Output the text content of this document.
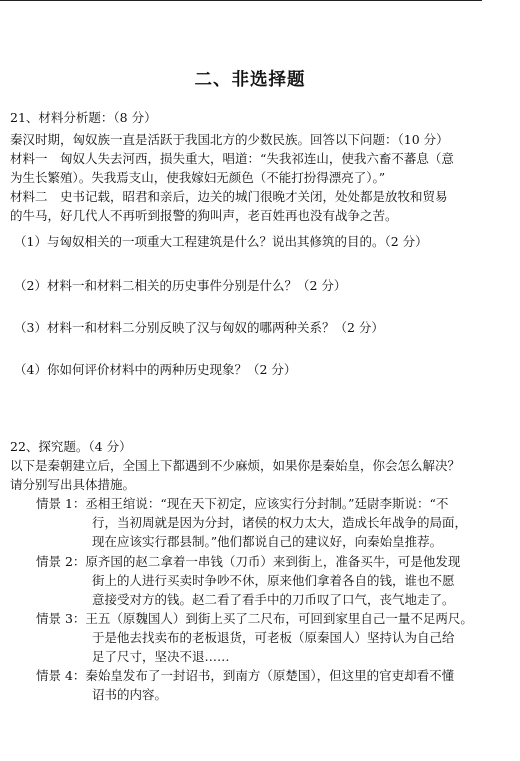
二、非选择题
21、材料分析题：（8 分）
秦汉时期，匈奴族一直是活跃于我国北方的少数民族。回答以下问题：（10 分）
材料一　匈奴人失去河西，损失重大，唱道：“失我祁连山，使我六畜不蕃息（意
为生长繁殖）。失我焉支山，使我嫁妇无颜色（不能打扮得漂亮了）。”
材料二　史书记载，昭君和亲后，边关的城门很晚才关闭，处处都是放牧和贸易
的牛马，好几代人不再听到报警的狗叫声，老百姓再也没有战争之苦。
（1）与匈奴相关的一项重大工程建筑是什么？说出其修筑的目的。（2 分）
（2）材料一和材料二相关的历史事件分别是什么？（2 分）
（3）材料一和材料二分别反映了汉与匈奴的哪两种关系？（2 分）
（4）你如何评价材料中的两种历史现象？（2 分）
22、探究题。（4 分）
以下是秦朝建立后，全国上下都遇到不少麻烦，如果你是秦始皇，你会怎么解决？
请分别写出具体措施。
情景 1：丞相王绾说：“现在天下初定，应该实行分封制。”廷尉李斯说：“不
行，当初周就是因为分封，诸侯的权力太大，造成长年战争的局面，
现在应该实行郡县制。”他们都说自己的建议好，向秦始皇推荐。
情景 2：原齐国的赵二拿着一串钱（刀币）来到街上，准备买牛，可是他发现
街上的人进行买卖时争吵不休，原来他们拿着各自的钱，谁也不愿
意接受对方的钱。赵二看了看手中的刀币叹了口气，丧气地走了。
情景 3：王五（原魏国人）到街上买了二尺布，可回到家里自己一量不足两尺。
于是他去找卖布的老板退货，可老板（原秦国人）坚持认为自己给
足了尺寸，坚决不退……
情景 4：秦始皇发布了一封诏书，到南方（原楚国），但这里的官吏却看不懂
诏书的内容。
